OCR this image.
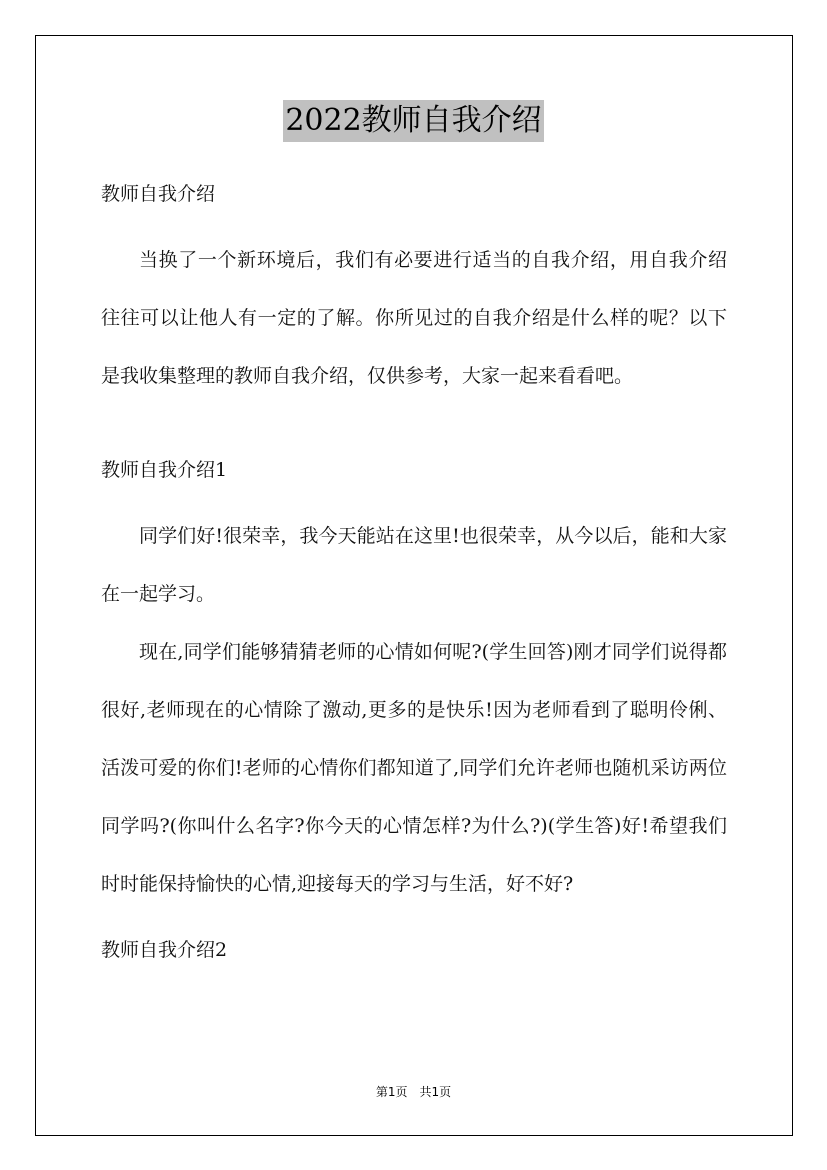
2022教师自我介绍

教师自我介绍

当换了一个新环境后，我们有必要进行适当的自我介绍，用自我介绍往往可以让他人有一定的了解。你所见过的自我介绍是什么样的呢？以下是我收集整理的教师自我介绍，仅供参考，大家一起来看看吧。

教师自我介绍1

同学们好!很荣幸，我今天能站在这里!也很荣幸，从今以后，能和大家在一起学习。

现在,同学们能够猜猜老师的心情如何呢?(学生回答)刚才同学们说得都很好,老师现在的心情除了激动,更多的是快乐!因为老师看到了聪明伶俐、活泼可爱的你们!老师的心情你们都知道了,同学们允许老师也随机采访两位同学吗?(你叫什么名字?你今天的心情怎样?为什么?)(学生答)好!希望我们时时能保持愉快的心情,迎接每天的学习与生活，好不好?

教师自我介绍2

第1页　共1页
